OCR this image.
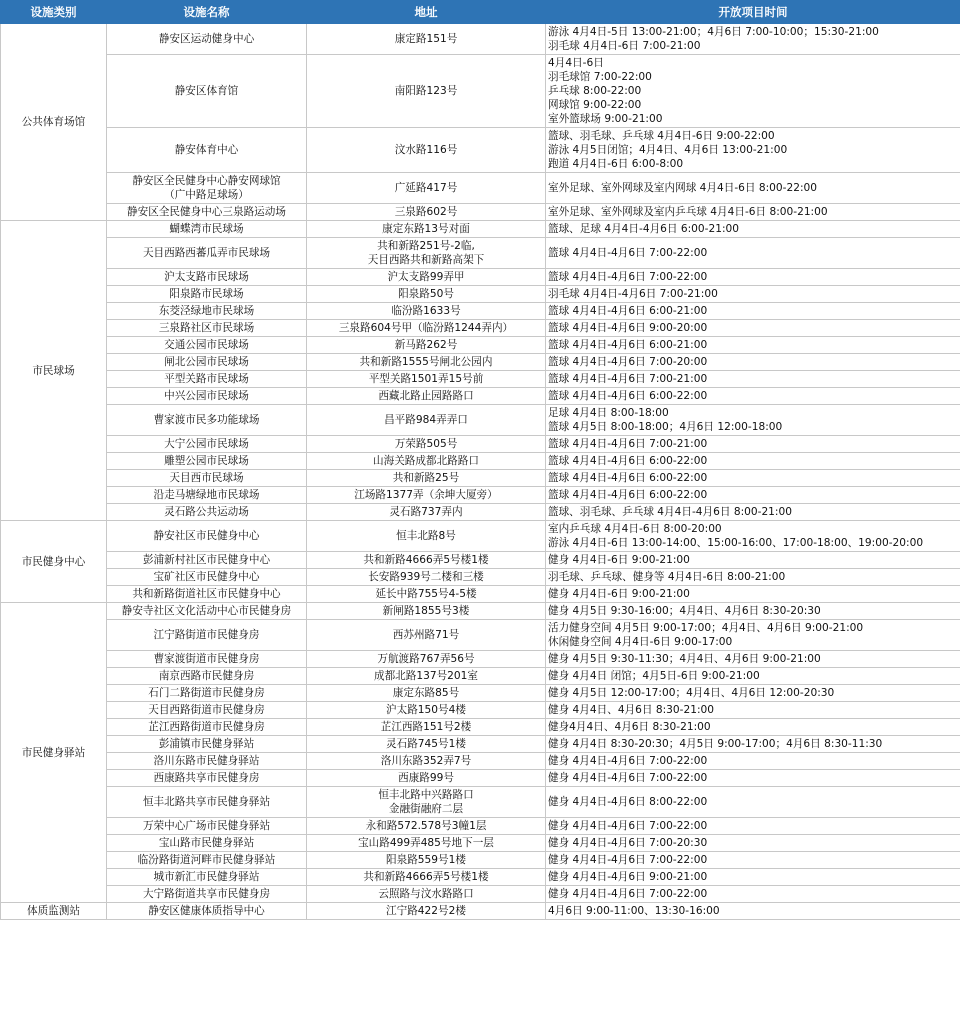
设施类别	设施名称	地址	开放项目时间
公共体育场馆	静安区运动健身中心	康定路151号	游泳 4月4日-5日 13:00-21:00；4月6日 7:00-10:00；15:30-21:00
羽毛球 4月4日-6日 7:00-21:00

	静安区体育馆	南阳路123号	4月4日-6日
羽毛球馆 7:00-22:00
乒乓球 8:00-22:00
网球馆 9:00-22:00
室外篮球场 9:00-21:00

	静安体育中心	汶水路116号	篮球、羽毛球、乒乓球 4月4日-6日 9:00-22:00
游泳 4月5日闭馆；4月4日、4月6日 13:00-21:00
跑道 4月4日-6日 6:00-8:00

	静安区全民健身中心静安网球馆
（广中路足球场）	广延路417号	室外足球、室外网球及室内网球 4月4日-6日 8:00-22:00

	静安区全民健身中心三泉路运动场	三泉路602号	室外足球、室外网球及室内乒乓球 4月4日-6日 8:00-21:00

市民球场	蝴蝶湾市民球场	康定东路13号对面	篮球、足球 4月4日-4月6日 6:00-21:00

	天目西路西蕃瓜弄市民球场	共和新路251号-2临,
天目西路共和新路高架下	篮球 4月4日-4月6日 7:00-22:00

	沪太支路市民球场	沪太支路99弄甲	篮球 4月4日-4月6日 7:00-22:00

	阳泉路市民球场	阳泉路50号	羽毛球 4月4日-4月6日 7:00-21:00

	东茭泾绿地市民球场	临汾路1633号	篮球 4月4日-4月6日 6:00-21:00

	三泉路社区市民球场	三泉路604号甲（临汾路1244弄内）	篮球 4月4日-4月6日 9:00-20:00

	交通公园市民球场	新马路262号	篮球 4月4日-4月6日 6:00-21:00

	闸北公园市民球场	共和新路1555号闸北公园内	篮球 4月4日-4月6日 7:00-20:00

	平型关路市民球场	平型关路1501弄15号前	篮球 4月4日-4月6日 7:00-21:00

	中兴公园市民球场	西藏北路止园路路口	篮球 4月4日-4月6日 6:00-22:00

	曹家渡市民多功能球场	昌平路984弄弄口	足球 4月4日 8:00-18:00
篮球 4月5日 8:00-18:00；4月6日 12:00-18:00

	大宁公园市民球场	万荣路505号	篮球 4月4日-4月6日 7:00-21:00

	雕塑公园市民球场	山海关路成都北路路口	篮球 4月4日-4月6日 6:00-22:00

	天目西市民球场	共和新路25号	篮球 4月4日-4月6日 6:00-22:00

	沿走马塘绿地市民球场	江场路1377弄（余坤大厦旁）	篮球 4月4日-4月6日 6:00-22:00

	灵石路公共运动场	灵石路737弄内	篮球、羽毛球、乒乓球 4月4日-4月6日 8:00-21:00

市民健身中心	静安社区市民健身中心	恒丰北路8号	室内乒乓球 4月4日-6日 8:00-20:00
游泳 4月4日-6日 13:00-14:00、15:00-16:00、17:00-18:00、19:00-20:00

	彭浦新村社区市民健身中心	共和新路4666弄5号楼1楼	健身 4月4日-6日 9:00-21:00

	宝矿社区市民健身中心	长安路939号二楼和三楼	羽毛球、乒乓球、健身等 4月4日-6日 8:00-21:00

	共和新路街道社区市民健身中心	延长中路755号4-5楼	健身 4月4日-6日 9:00-21:00

市民健身驿站	静安寺社区文化活动中心市民健身房	新闸路1855号3楼	健身 4月5日 9:30-16:00；4月4日、4月6日 8:30-20:30

	江宁路街道市民健身房	西苏州路71号	活力健身空间 4月5日 9:00-17:00；4月4日、4月6日 9:00-21:00
休闲健身空间 4月4日-6日 9:00-17:00

	曹家渡街道市民健身房	万航渡路767弄56号	健身 4月5日 9:30-11:30；4月4日、4月6日 9:00-21:00

	南京西路市民健身房	成都北路137号201室	健身 4月4日 闭馆；4月5日-6日 9:00-21:00

	石门二路街道市民健身房	康定东路85号	健身 4月5日 12:00-17:00；4月4日、4月6日 12:00-20:30

	天目西路街道市民健身房	沪太路150号4楼	健身 4月4日、4月6日 8:30-21:00

	芷江西路街道市民健身房	芷江西路151号2楼	健身4月4日、4月6日 8:30-21:00

	彭浦镇市民健身驿站	灵石路745号1楼	健身 4月4日 8:30-20:30；4月5日 9:00-17:00；4月6日 8:30-11:30

	洛川东路市民健身驿站	洛川东路352弄7号	健身 4月4日-4月6日 7:00-22:00

	西康路共享市民健身房	西康路99号	健身 4月4日-4月6日 7:00-22:00

	恒丰北路共享市民健身驿站	恒丰北路中兴路路口
金融街融府二层	健身 4月4日-4月6日 8:00-22:00

	万荣中心广场市民健身驿站	永和路572.578号3幢1层	健身 4月4日-4月6日 7:00-22:00

	宝山路市民健身驿站	宝山路499弄485号地下一层	健身 4月4日-4月6日 7:00-20:30

	临汾路街道河畔市民健身驿站	阳泉路559号1楼	健身 4月4日-4月6日 7:00-22:00

	城市新汇市民健身驿站	共和新路4666弄5号楼1楼	健身 4月4日-4月6日 9:00-21:00

	大宁路街道共享市民健身房	云照路与汶水路路口	健身 4月4日-4月6日 7:00-22:00

体质监测站	静安区健康体质指导中心	江宁路422号2楼	4月6日 9:00-11:00、13:30-16:00
